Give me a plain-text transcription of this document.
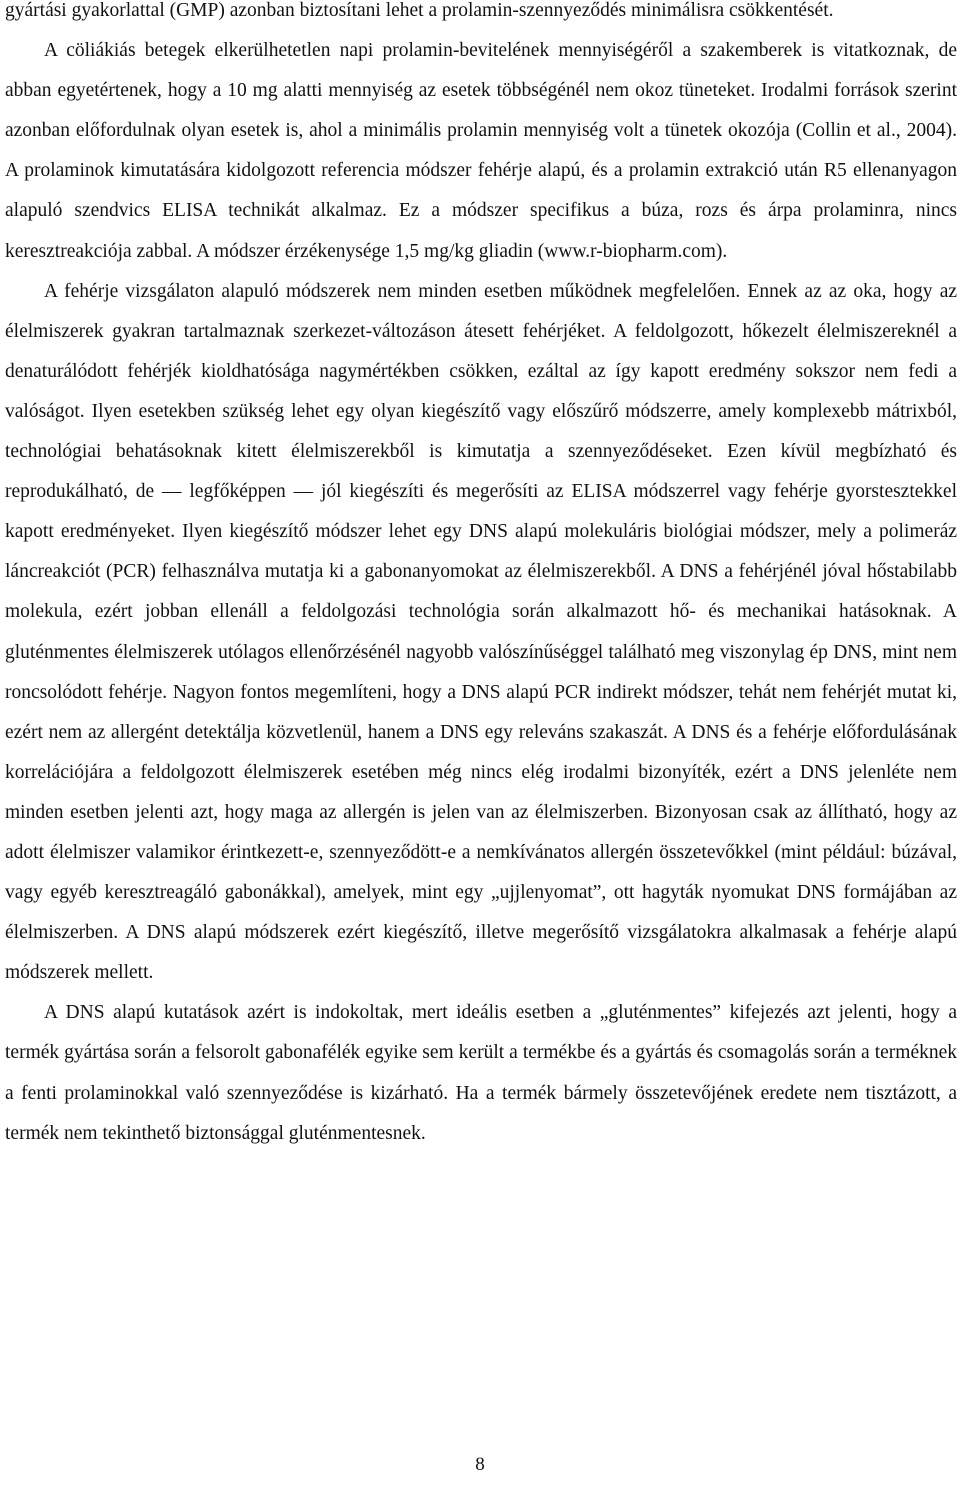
gyártási gyakorlattal (GMP) azonban biztosítani lehet a prolamin-szennyeződés minimálisra csökkentését.

A cöliákiás betegek elkerülhetetlen napi prolamin-bevitelének mennyiségéről a szakemberek is vitatkoznak, de abban egyetértenek, hogy a 10 mg alatti mennyiség az esetek többségénél nem okoz tüneteket. Irodalmi források szerint azonban előfordulnak olyan esetek is, ahol a minimális prolamin mennyiség volt a tünetek okozója (Collin et al., 2004). A prolaminok kimutatására kidolgozott referencia módszer fehérje alapú, és a prolamin extrakció után R5 ellenanyagon alapuló szendvics ELISA technikát alkalmaz. Ez a módszer specifikus a búza, rozs és árpa prolaminra, nincs keresztreakciója zabbal. A módszer érzékenysége 1,5 mg/kg gliadin (www.r-biopharm.com).

A fehérje vizsgálaton alapuló módszerek nem minden esetben működnek megfelelően. Ennek az az oka, hogy az élelmiszerek gyakran tartalmaznak szerkezet-változáson átesett fehérjéket. A feldolgozott, hőkezelt élelmiszereknél a denaturálódott fehérjék kioldhatósága nagymértékben csökken, ezáltal az így kapott eredmény sokszor nem fedi a valóságot. Ilyen esetekben szükség lehet egy olyan kiegészítő vagy előszűrő módszerre, amely komplexebb mátrixból, technológiai behatásoknak kitett élelmiszerekből is kimutatja a szennyeződéseket. Ezen kívül megbízható és reprodukálható, de — legfőképpen — jól kiegészíti és megerősíti az ELISA módszerrel vagy fehérje gyorstesztekkel kapott eredményeket. Ilyen kiegészítő módszer lehet egy DNS alapú molekuláris biológiai módszer, mely a polimeráz láncreakciót (PCR) felhasználva mutatja ki a gabonanyomokat az élelmiszerekből. A DNS a fehérjénél jóval hőstabilabb molekula, ezért jobban ellenáll a feldolgozási technológia során alkalmazott hő- és mechanikai hatásoknak. A gluténmentes élelmiszerek utólagos ellenőrzésénél nagyobb valószínűséggel található meg viszonylag ép DNS, mint nem roncsolódott fehérje. Nagyon fontos megemlíteni, hogy a DNS alapú PCR indirekt módszer, tehát nem fehérjét mutat ki, ezért nem az allergént detektálja közvetlenül, hanem a DNS egy releváns szakaszát. A DNS és a fehérje előfordulásának korrelációjára a feldolgozott élelmiszerek esetében még nincs elég irodalmi bizonyíték, ezért a DNS jelenléte nem minden esetben jelenti azt, hogy maga az allergén is jelen van az élelmiszerben. Bizonyosan csak az állítható, hogy az adott élelmiszer valamikor érintkezett-e, szennyeződött-e a nemkívánatos allergén összetevőkkel (mint például: búzával, vagy egyéb keresztreagáló gabonákkal), amelyek, mint egy „ujjlenyomat”, ott hagyták nyomukat DNS formájában az élelmiszerben. A DNS alapú módszerek ezért kiegészítő, illetve megerősítő vizsgálatokra alkalmasak a fehérje alapú módszerek mellett.

A DNS alapú kutatások azért is indokoltak, mert ideális esetben a „gluténmentes” kifejezés azt jelenti, hogy a termék gyártása során a felsorolt gabonafélék egyike sem került a termékbe és a gyártás és csomagolás során a terméknek a fenti prolaminokkal való szennyeződése is kizárható. Ha a termék bármely összetevőjének eredete nem tisztázott, a termék nem tekinthető biztonsággal gluténmentesnek.

8
